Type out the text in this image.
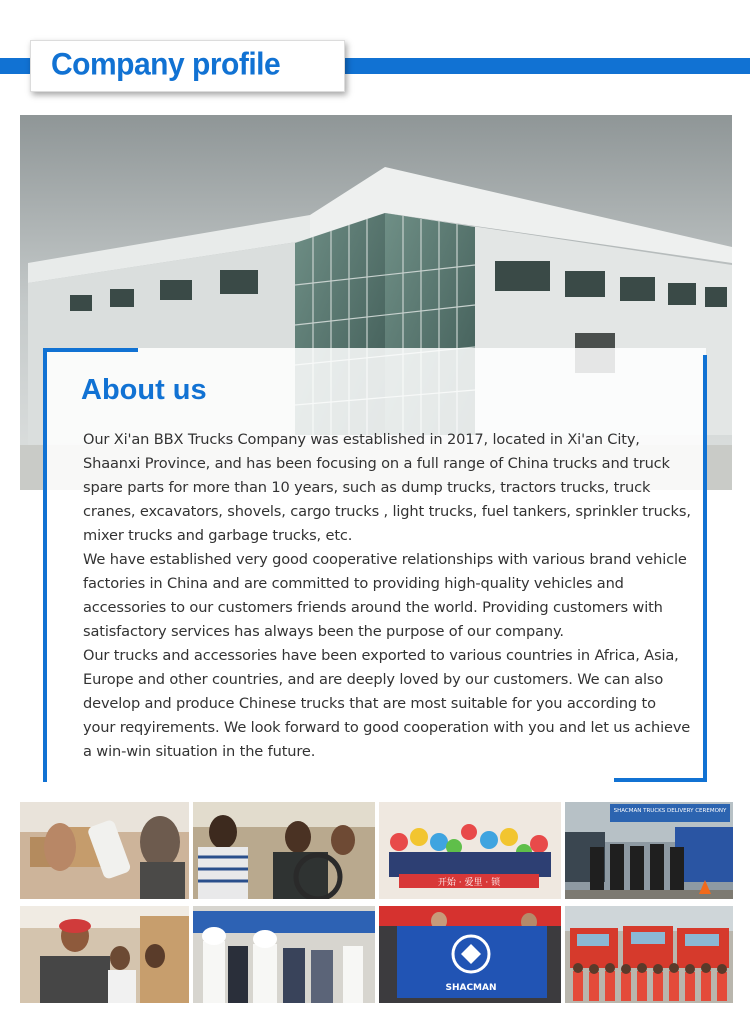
Company profile
About us

Our Xi'an BBX Trucks Company was established in 2017, located in Xi'an City, Shaanxi Province, and has been focusing on a full range of China trucks and truck spare parts for more than 10 years, such as dump trucks, tractors trucks, truck cranes, excavators, shovels, cargo trucks , light trucks, fuel tankers, sprinkler trucks, mixer trucks and garbage trucks, etc.

We have established very good cooperative relationships with various brand vehicle factories in China and are committed to providing high-quality vehicles and accessories to our customers friends around the world. Providing customers with satisfactory services has always been the purpose of our company.

Our trucks and accessories have been exported to various countries in Africa, Asia, Europe and other countries, and are deeply loved by our customers. We can also develop and produce Chinese trucks that are most suitable for you according to your reqyirements. We look forward to good cooperation with you and let us achieve a win-win situation in the future.

开始 · 爱里 · 锁
SHACMAN TRUCKS DELIVERY CEREMONY
SHACMAN
